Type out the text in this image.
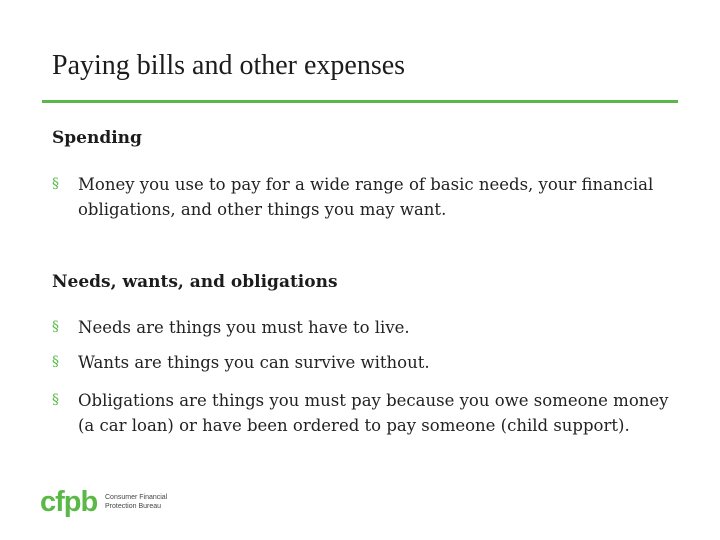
Paying bills and other expenses
Spending
§	Money you use to pay for a wide range of basic needs, your financial obligations, and other things you may want.
Needs, wants, and obligations
§	Needs are things you must have to live.
§	Wants are things you can survive without.
§	Obligations are things you must pay because you owe someone money (a car loan) or have been ordered to pay someone (child support).
cfpb Consumer Financial
Protection Bureau
